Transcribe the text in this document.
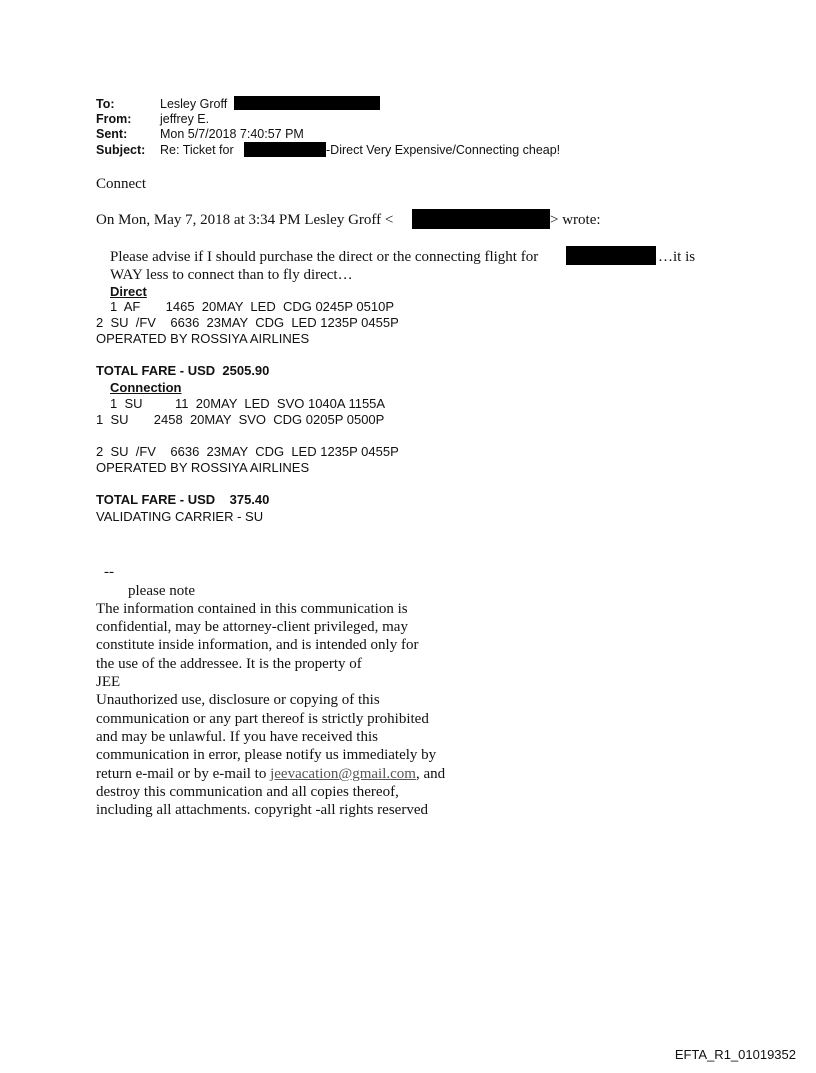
To:	Lesley Groff
From: jeffrey E.
Sent:	Mon 5/7/2018 7:40:57 PM
Subject: Re: Ticket for	-Direct Very Expensive/Connecting cheap!
Connect
On Mon, May 7, 2018 at 3:34 PM Lesley Groff <	> wrote:
Please advise if I should purchase the direct or the connecting flight for	…it is
WAY less to connect than to fly direct…
Direct
1  AF       1465  20MAY  LED  CDG 0245P 0510P
2  SU  /FV    6636  23MAY  CDG  LED 1235P 0455P
OPERATED BY ROSSIYA AIRLINES
TOTAL FARE - USD  2505.90
Connection
1  SU         11  20MAY  LED  SVO 1040A 1155A
1  SU       2458  20MAY  SVO  CDG 0205P 0500P
2  SU  /FV    6636  23MAY  CDG  LED 1235P 0455P
OPERATED BY ROSSIYA AIRLINES
TOTAL FARE - USD    375.40
VALIDATING CARRIER - SU
--
please note
The information contained in this communication is
confidential, may be attorney-client privileged, may
constitute inside information, and is intended only for
the use of the addressee. It is the property of
JEE
Unauthorized use, disclosure or copying of this
communication or any part thereof is strictly prohibited
and may be unlawful. If you have received this
communication in error, please notify us immediately by
return e-mail or by e-mail to jeevacation@gmail.com, and
destroy this communication and all copies thereof,
including all attachments. copyright -all rights reserved
EFTA_R1_01019352
